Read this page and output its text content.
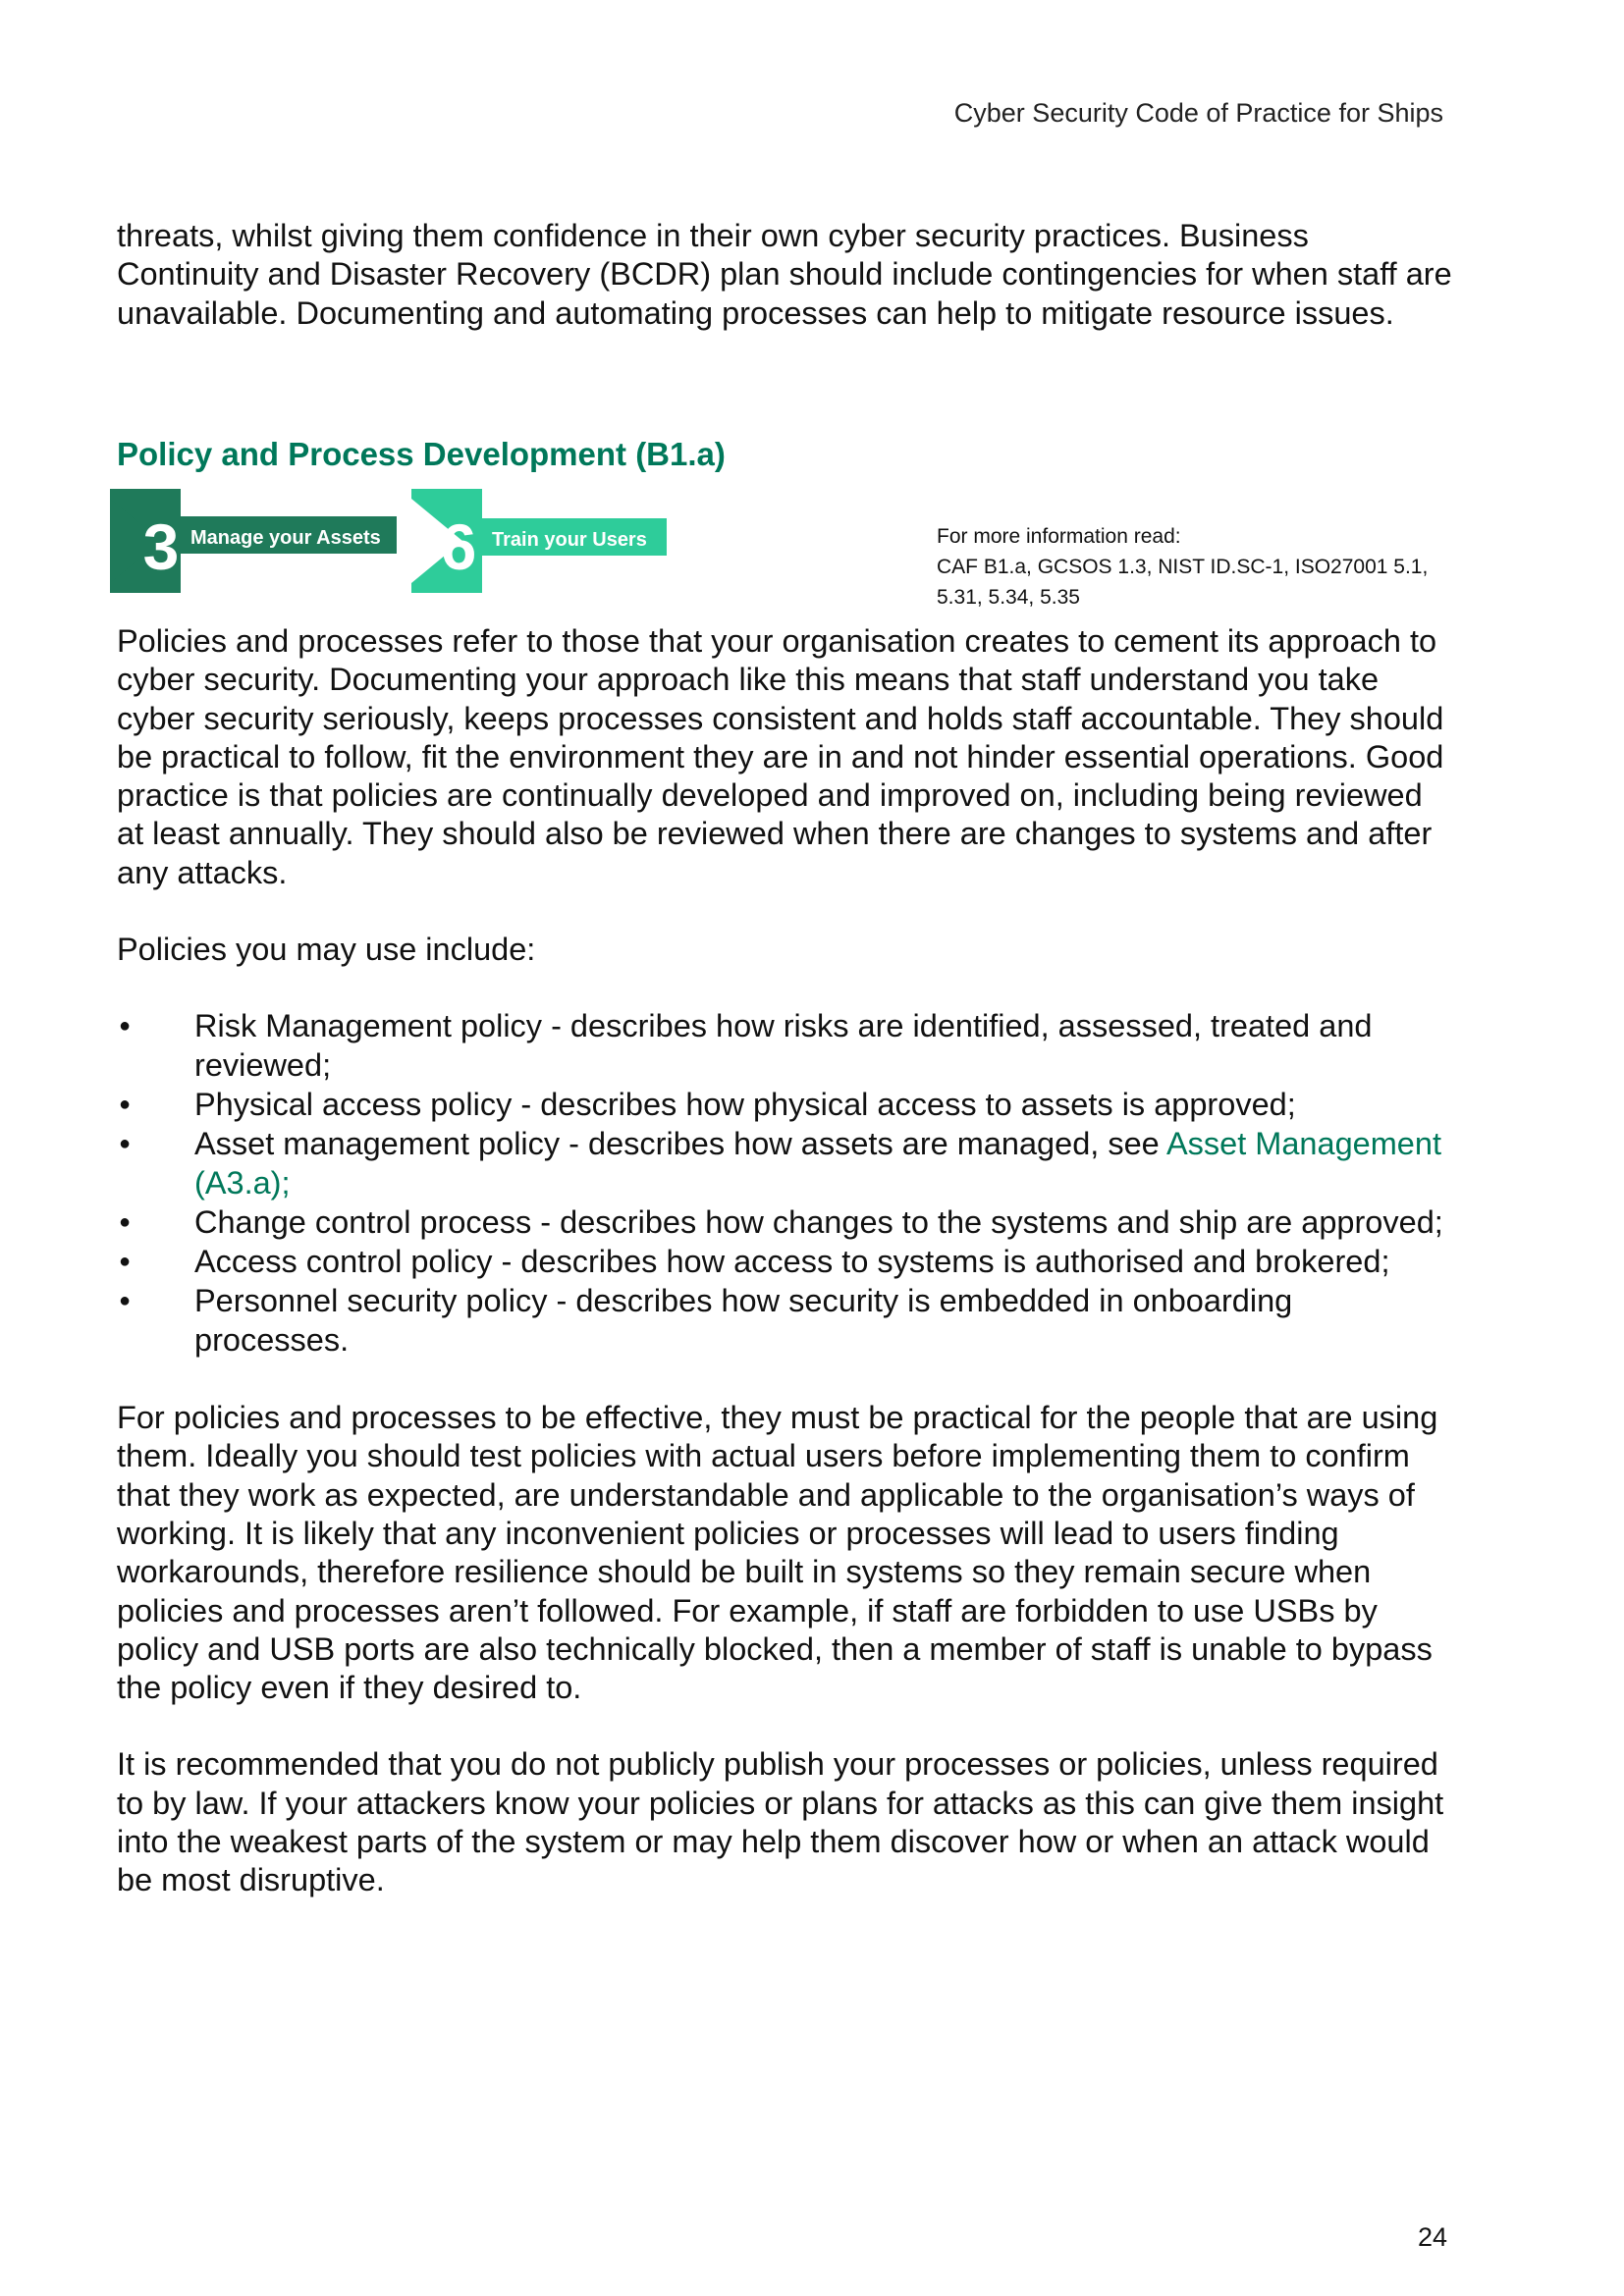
Cyber Security Code of Practice for Ships

threats, whilst giving them confidence in their own cyber security practices. Business Continuity and Disaster Recovery (BCDR) plan should include contingencies for when staff are unavailable. Documenting and automating processes can help to mitigate resource issues.

Policy and Process Development (B1.a)
3 Manage your Assets 6 Train your Users	For more information read:

CAF B1.a, GCSOS 1.3, NIST ID.SC-1, ISO27001 5.1, 5.31, 5.34, 5.35

Policies and processes refer to those that your organisation creates to cement its approach to cyber security. Documenting your approach like this means that staff understand you take cyber security seriously, keeps processes consistent and holds staff accountable. They should be practical to follow, fit the environment they are in and not hinder essential operations. Good practice is that policies are continually developed and improved on, including being reviewed at least annually. They should also be reviewed when there are changes to systems and after any attacks.

Policies you may use include:

● Risk Management policy - describes how risks are identified, assessed, treated and reviewed;
● Physical access policy - describes how physical access to assets is approved;
● Asset management policy - describes how assets are managed, see Asset Management (A3.a);
● Change control process - describes how changes to the systems and ship are approved;
● Access control policy - describes how access to systems is authorised and brokered;
● Personnel security policy - describes how security is embedded in onboarding processes.

For policies and processes to be effective, they must be practical for the people that are using them. Ideally you should test policies with actual users before implementing them to confirm that they work as expected, are understandable and applicable to the organisation’s ways of working. It is likely that any inconvenient policies or processes will lead to users finding workarounds, therefore resilience should be built in systems so they remain secure when policies and processes aren’t followed. For example, if staff are forbidden to use USBs by policy and USB ports are also technically blocked, then a member of staff is unable to bypass the policy even if they desired to.

It is recommended that you do not publicly publish your processes or policies, unless required to by law. If your attackers know your policies or plans for attacks as this can give them insight into the weakest parts of the system or may help them discover how or when an attack would be most disruptive.

24
